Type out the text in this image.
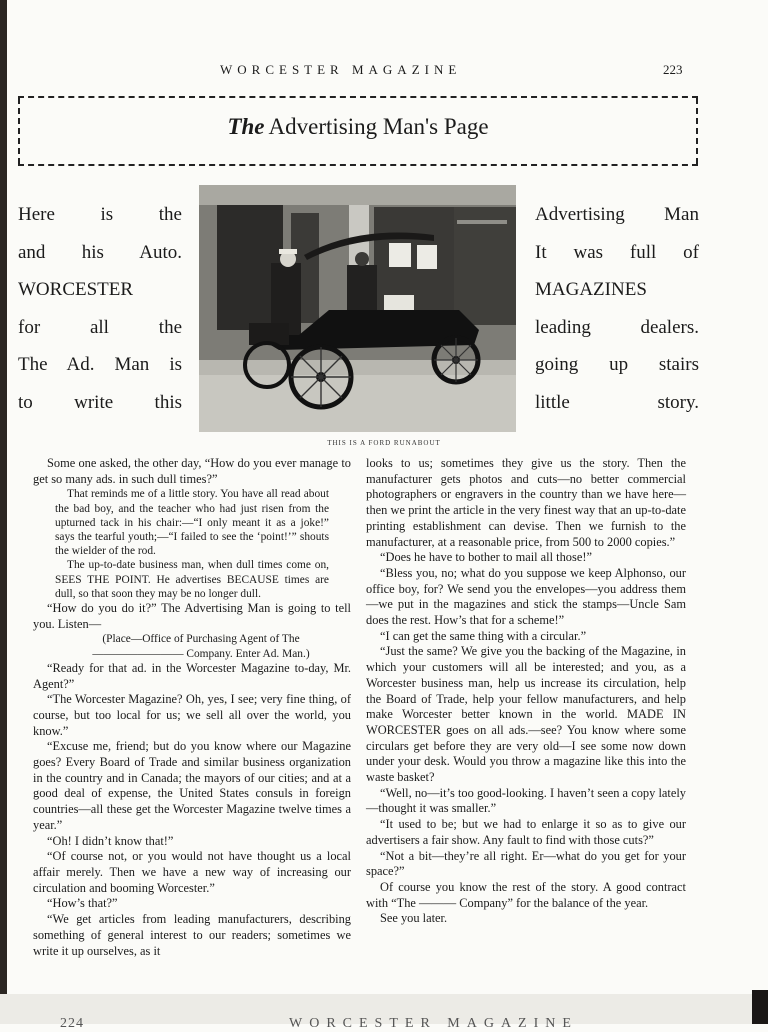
WORCESTER MAGAZINE	223
The Advertising Man's Page
Here is the
and his Auto.
WORCESTER
for all the
The Ad. Man is
to write this
Advertising Man
It was full of
MAGAZINES
leading dealers.
going up stairs
little story.
THIS IS A FORD RUNABOUT

Some one asked, the other day, “How do you ever manage to get so many ads. in such dull times?”

That reminds me of a little story. You have all read about the bad boy, and the teacher who had just risen from the upturned tack in his chair:—“I only meant it as a joke!” says the tearful youth;—“I failed to see the ‘point!’” shouts the wielder of the rod.

The up-to-date business man, when dull times come on, SEES THE POINT. He advertises BECAUSE times are dull, so that soon they may be no longer dull.

“How do you do it?” The Advertising Man is going to tell you. Listen—

(Place—Office of Purchasing Agent of The
———————— Company. Enter Ad. Man.)

“Ready for that ad. in the Worcester Magazine to-day, Mr. Agent?”

“The Worcester Magazine? Oh, yes, I see; very fine thing, of course, but too local for us; we sell all over the world, you know.”

“Excuse me, friend; but do you know where our Magazine goes? Every Board of Trade and similar business organization in the country and in Canada; the mayors of our cities; and at a good deal of expense, the United States consuls in foreign countries—all these get the Worcester Magazine twelve times a year.”

“Oh! I didn’t know that!”

“Of course not, or you would not have thought us a local affair merely. Then we have a new way of increasing our circulation and booming Worcester.”

“How’s that?”

“We get articles from leading manufacturers, describing something of general interest to our readers; sometimes we write it up ourselves, as it

looks to us; sometimes they give us the story. Then the manufacturer gets photos and cuts—no better commercial photographers or engravers in the country than we have here—then we print the article in the very finest way that an up-to-date printing establishment can devise. Then we furnish to the manufacturer, at a reasonable price, from 500 to 2000 copies.”

“Does he have to bother to mail all those!”

“Bless you, no; what do you suppose we keep Alphonso, our office boy, for? We send you the envelopes—you address them—we put in the magazines and stick the stamps—Uncle Sam does the rest. How’s that for a scheme!”

“I can get the same thing with a circular.”

“Just the same? We give you the backing of the Magazine, in which your customers will all be interested; and you, as a Worcester business man, help us increase its circulation, help the Board of Trade, help your fellow manufacturers, and help make Worcester better known in the world. MADE IN WORCESTER goes on all ads.—see? You know where some circulars get before they are very old—I see some now down under your desk. Would you throw a magazine like this into the waste basket?

“Well, no—it’s too good-looking. I haven’t seen a copy lately—thought it was smaller.”

“It used to be; but we had to enlarge it so as to give our advertisers a fair show. Any fault to find with those cuts?”

“Not a bit—they’re all right. Er—what do you get for your space?”

Of course you know the rest of the story. A good contract with “The ——— Company” for the balance of the year.

See you later.

224	WORCESTER MAGAZINE
